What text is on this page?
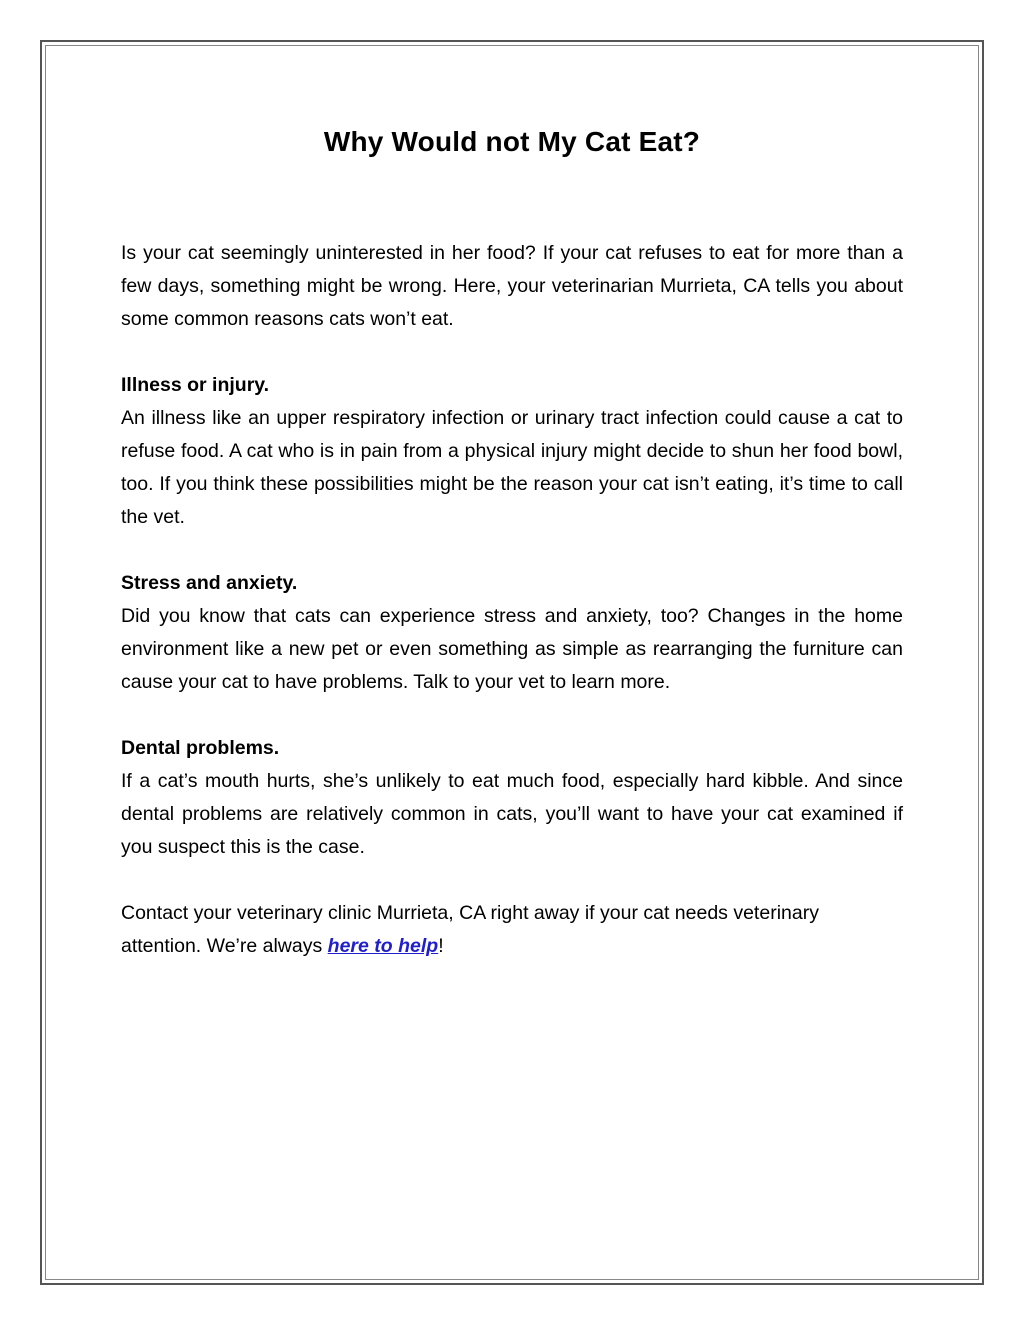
Why Would not My Cat Eat?

Is your cat seemingly uninterested in her food? If your cat refuses to eat for more than a few days, something might be wrong. Here, your veterinarian Murrieta, CA tells you about some common reasons cats won’t eat.

Illness or injury.

An illness like an upper respiratory infection or urinary tract infection could cause a cat to refuse food. A cat who is in pain from a physical injury might decide to shun her food bowl, too. If you think these possibilities might be the reason your cat isn’t eating, it’s time to call the vet.

Stress and anxiety.

Did you know that cats can experience stress and anxiety, too? Changes in the home environment like a new pet or even something as simple as rearranging the furniture can cause your cat to have problems. Talk to your vet to learn more.

Dental problems.

If a cat’s mouth hurts, she’s unlikely to eat much food, especially hard kibble. And since dental problems are relatively common in cats, you’ll want to have your cat examined if you suspect this is the case.

Contact your veterinary clinic Murrieta, CA right away if your cat needs veterinary attention. We’re always here to help!
